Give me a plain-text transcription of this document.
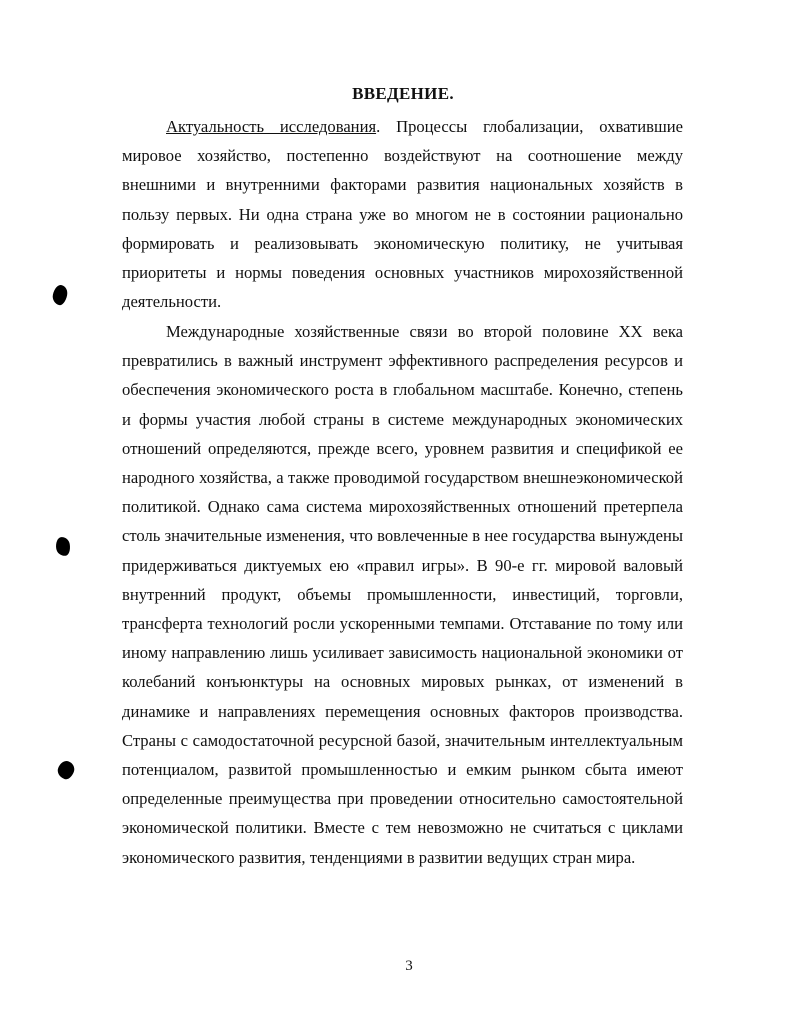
ВВЕДЕНИЕ.

Актуальность исследования. Процессы глобализации, охватившие мировое хозяйство, постепенно воздействуют на соотношение между внешними и внутренними факторами развития национальных хозяйств в пользу первых. Ни одна страна уже во многом не в состоянии рационально формировать и реализовывать экономическую политику, не учитывая приоритеты и нормы поведения основных участников мирохозяйственной деятельности.

Международные хозяйственные связи во второй половине XX века превратились в важный инструмент эффективного распределения ресурсов и обеспечения экономического роста в глобальном масштабе. Конечно, степень и формы участия любой страны в системе международных экономических отношений определяются, прежде всего, уровнем развития и спецификой ее народного хозяйства, а также проводимой государством внешнеэкономической политикой. Однако сама система мирохозяйственных отношений претерпела столь значительные изменения, что вовлеченные в нее государства вынуждены придерживаться диктуемых ею «правил игры». В 90-е гг. мировой валовый внутренний продукт, объемы промышленности, инвестиций, торговли, трансферта технологий росли ускоренными темпами. Отставание по тому или иному направлению лишь усиливает зависимость национальной экономики от колебаний конъюнктуры на основных мировых рынках, от изменений в динамике и направлениях перемещения основных факторов производства. Страны с самодостаточной ресурсной базой, значительным интеллектуальным потенциалом, развитой промышленностью и емким рынком сбыта имеют определенные преимущества при проведении относительно самостоятельной экономической политики. Вместе с тем невозможно не считаться с циклами экономического развития, тенденциями в развитии ведущих стран мира.

3
